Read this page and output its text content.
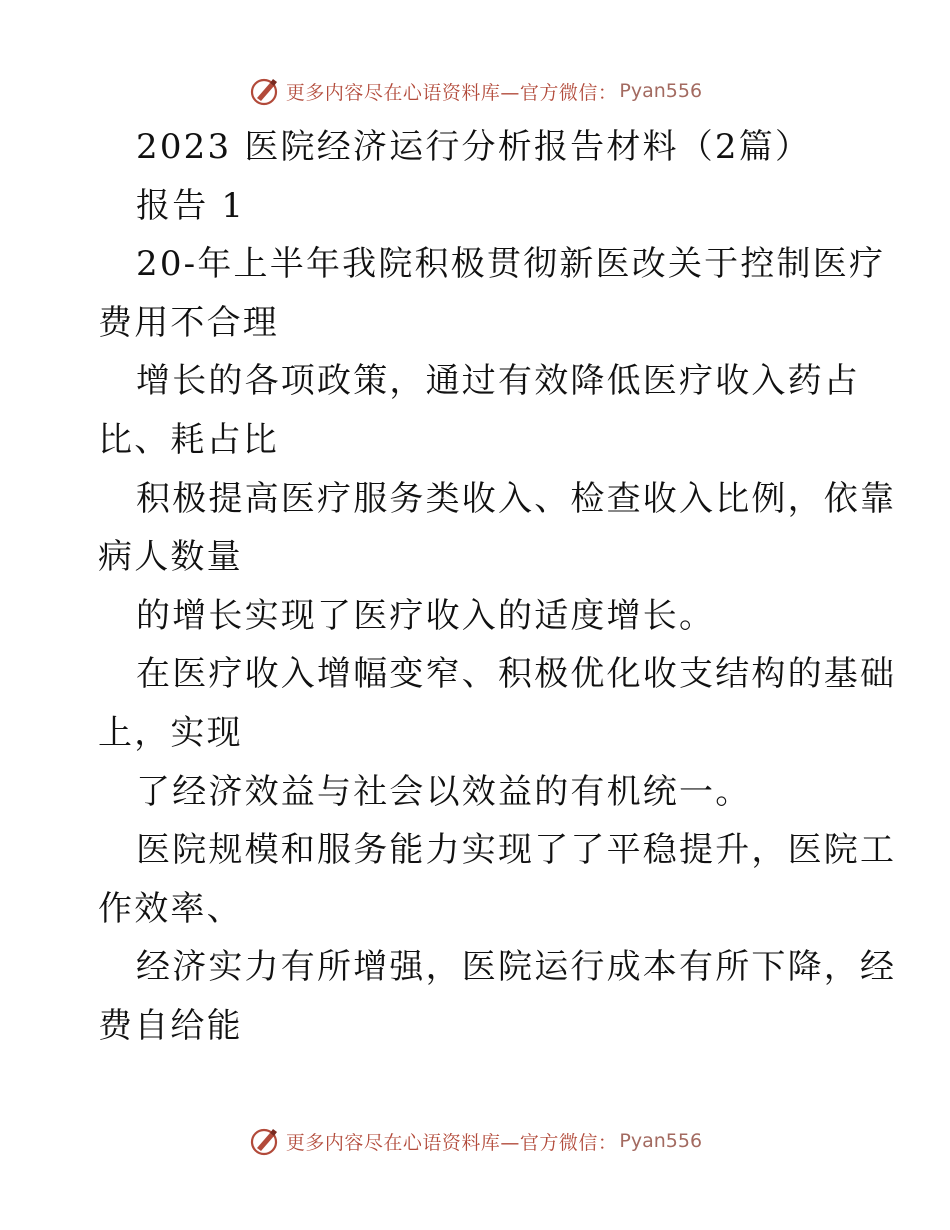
更多内容尽在心语资料库—官方微信： Pyan556
2023 医院经济运行分析报告材料（2篇）
报告 1
20-年上半年我院积极贯彻新医改关于控制医疗
费用不合理
增长的各项政策，通过有效降低医疗收入药占
比、耗占比
积极提高医疗服务类收入、检查收入比例，依靠
病人数量
的增长实现了医疗收入的适度增长。
在医疗收入增幅变窄、积极优化收支结构的基础
上，实现
了经济效益与社会以效益的有机统一。
医院规模和服务能力实现了了平稳提升，医院工
作效率、
经济实力有所增强，医院运行成本有所下降，经
费自给能
更多内容尽在心语资料库—官方微信： Pyan556
